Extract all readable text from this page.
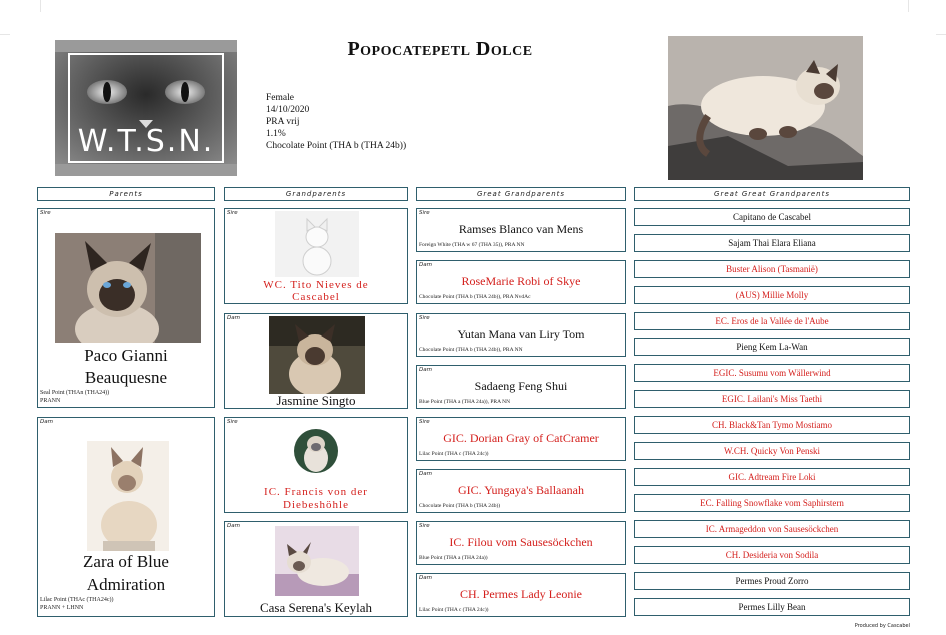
W.T.S.N.
Popocatepetl Dolce
Female
14/10/2020
PRA vrij
1.1%
Chocolate Point (THA b (THA 24b))
Parents	Grandparents	Great Grandparents	Great Great Grandparents
Sire
Paco Gianni
Beauquesne
Seal Point (THAn (THA24))
PRANN
Dam
Zara of Blue
Admiration
Lilac Point (THAc (THA24c))
PRANN + LHNN
Sire
WC. Tito Nieves de
Cascabel
Dam
Jasmine Singto
Sire
IC. Francis von der
Diebeshöhle
Dam
Casa Serena's Keylah
Sire
Ramses Blanco van Mens
Foreign White (THA w 67 (THA 35)), PRA NN
Dam
RoseMarie Robi of Skye
Chocolate Point (THA b (THA 24b)), PRA NvdAc
Sire
Yutan Mana van Liry Tom
Chocolate Point (THA b (THA 24b)), PRA NN
Dam
Sadaeng Feng Shui
Blue Point (THA a (THA 24a)), PRA NN
Sire
GIC. Dorian Gray of CatCramer
Lilac Point (THA c (THA 24c))
Dam
GIC. Yungaya's Ballaanah
Chocolate Point (THA b (THA 24b))
Sire
IC. Filou vom Sausesöckchen
Blue Point (THA a (THA 24a))
Dam
CH. Permes Lady Leonie
Lilac Point (THA c (THA 24c))
Capitano de Cascabel
Sajam Thai Elara Eliana
Buster Alison (Tasmanië)
(AUS) Millie Molly
EC. Eros de la Vallée de l'Aube
Pieng Kem La-Wan
EGIC. Susumu vom Wällerwind
EGIC. Lailani's Miss Taethi
CH. Black&Tan Tymo Mostiamo
W.CH. Quicky Von Penski
GIC. Adtream Fire Loki
EC. Falling Snowflake vom Saphirstern
IC. Armageddon von Sausesöckchen
CH. Desideria von Sodila
Permes Proud Zorro
Permes Lilly Bean
Produced by Cascabel
